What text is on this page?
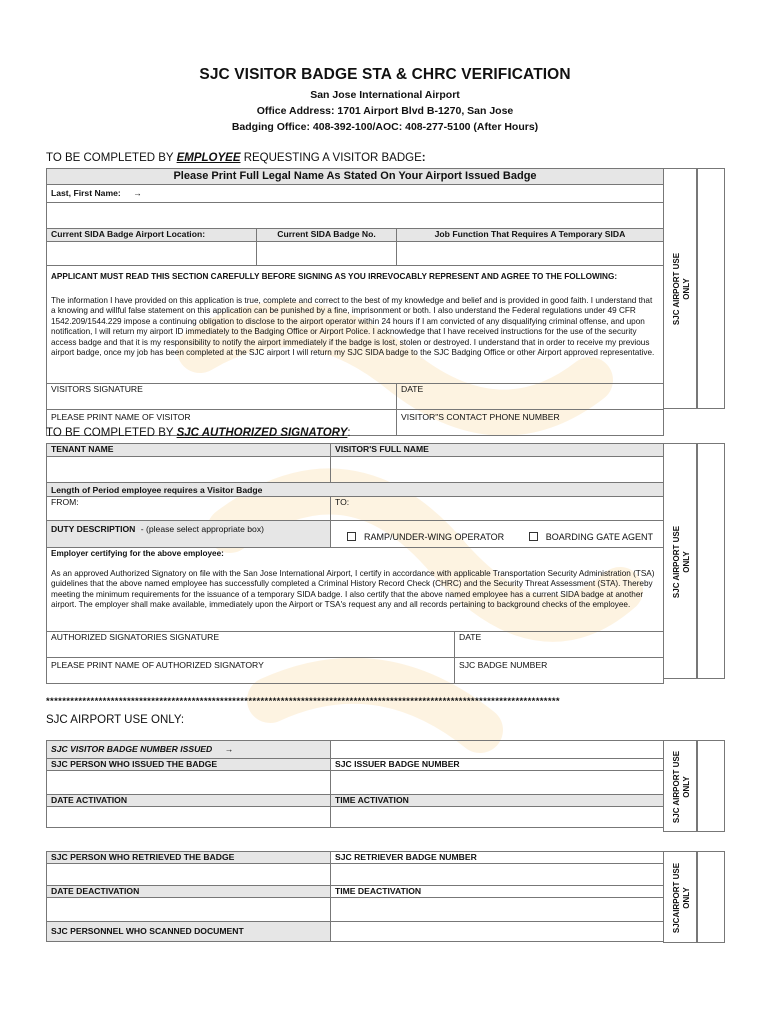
SJC VISITOR BADGE STA & CHRC VERIFICATION
San Jose International Airport
Office Address: 1701 Airport Blvd B-1270, San Jose
Badging Office: 408-392-100/AOC: 408-277-5100 (After Hours)
TO BE COMPLETED BY EMPLOYEE REQUESTING A VISITOR BADGE:
Please Print Full Legal Name As Stated On Your Airport Issued Badge		
Last, First Name: →		

Current SIDA Badge Airport Location:	Current SIDA Badge No.	Job Function That Requires A Temporary SIDA

APPLICANT MUST READ THIS SECTION CAREFULLY BEFORE SIGNING AS YOU IRREVOCABLY REPRESENT AND AGREE TO THE FOLLOWING:
The information I have provided on this application is true, complete and correct to the best of my knowledge and belief and is provided in good faith. I understand that a knowing and willful false statement on this application can be punished by a fine, imprisonment or both. I also understand the Federal regulations under 49 CFR 1542.209/1544.229 impose a continuing obligation to disclose to the airport operator within 24 hours if I am convicted of any disqualifying criminal offense, and upon notification, I will return my airport ID immediately to the Badging Office or Airport Police. I acknowledge that I have received instructions for the use of the security access badge and that it is my responsibility to notify the airport immediately if the badge is lost, stolen or destroyed. I understand that in order to receive my previous airport badge, once my job has been completed at the SJC airport I will return my SJC SIDA badge to the SJC Badging Office or other Airport approved representative.		

VISITORS SIGNATURE		DATE
PLEASE PRINT NAME OF VISITOR		VISITOR"S CONTACT PHONE NUMBER
SJC AIRPORT USE
ONLY
TO BE COMPLETED BY SJC AUTHORIZED SIGNATORY:
TENANT NAME	VISITOR'S FULL NAME	

Length of Period employee requires a Visitor Badge		
FROM:	TO:	
DUTY DESCRIPTION - (please select appropriate box)	RAMP/UNDER-WING OPERATOR BOARDING GATE AGENT	

Employer certifying for the above employee:
As an approved Authorized Signatory on file with the San Jose International Airport, I certify in accordance with applicable Transportation Security Administration (TSA) guidelines that the above named employee has successfully completed a Criminal History Record Check (CHRC) and the Security Threat Assessment (STA). Thereby meeting the minimum requirements for the issuance of a temporary SIDA badge. I also certify that the above named employee has a current SIDA badge at another airport. The employer shall make available, immediately upon the Airport or TSA's request any and all records pertaining to background checks of the employee.		

AUTHORIZED SIGNATORIES SIGNATURE		DATE
PLEASE PRINT NAME OF AUTHORIZED SIGNATORY		SJC BADGE NUMBER
SJC AIRPORT USE
ONLY
*******************************************************************************************************************************
SJC AIRPORT USE ONLY:
SJC VISITOR BADGE NUMBER ISSUED →	
SJC PERSON WHO ISSUED THE BADGE	SJC ISSUER BADGE NUMBER

DATE ACTIVATION	TIME ACTIVATION
		SJC AIRPORT USE
ONLY
SJC PERSON WHO RETRIEVED THE BADGE	SJC RETRIEVER BADGE NUMBER

DATE DEACTIVATION	TIME DEACTIVATION

SJC PERSONNEL WHO SCANNED DOCUMENT		SJCAIRPORT USE
ONLY
